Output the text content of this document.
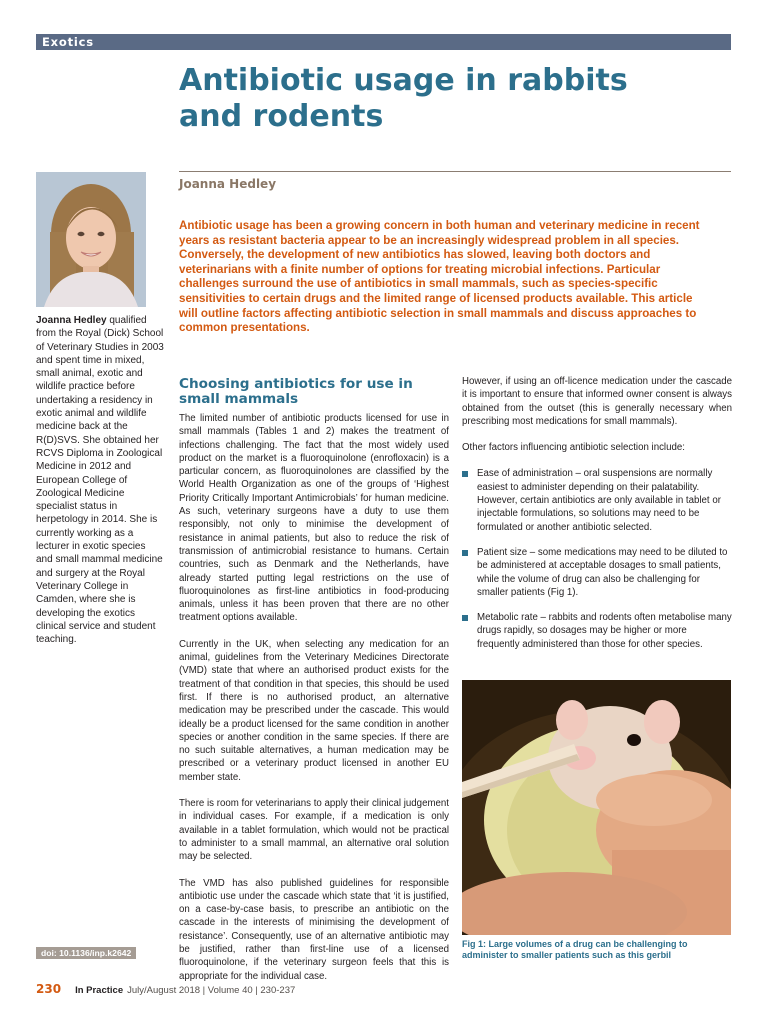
Exotics
Antibiotic usage in rabbits and rodents
Joanna Hedley
Joanna Hedley qualified from the Royal (Dick) School of Veterinary Studies in 2003 and spent time in mixed, small animal, exotic and wildlife practice before undertaking a residency in exotic animal and wildlife medicine back at the R(D)SVS. She obtained her RCVS Diploma in Zoological Medicine in 2012 and European College of Zoological Medicine specialist status in herpetology in 2014. She is currently working as a lecturer in exotic species and small mammal medicine and surgery at the Royal Veterinary College in Camden, where she is developing the exotics clinical service and student teaching.

Antibiotic usage has been a growing concern in both human and veterinary medicine in recent years as resistant bacteria appear to be an increasingly widespread problem in all species. Conversely, the development of new antibiotics has slowed, leaving both doctors and veterinarians with a finite number of options for treating microbial infections. Particular challenges surround the use of antibiotics in small mammals, such as species-specific sensitivities to certain drugs and the limited range of licensed products available. This article will outline factors affecting antibiotic selection in small mammals and discuss approaches to common presentations.

Choosing antibiotics for use in small mammals

The limited number of antibiotic products licensed for use in small mammals (Tables 1 and 2) makes the treatment of infections challenging. The fact that the most widely used product on the market is a fluoroquinolone (enrofloxacin) is a particular concern, as fluoroquinolones are classified by the World Health Organization as one of the groups of ‘Highest Priority Critically Important Antimicrobials’ for human medicine. As such, veterinary surgeons have a duty to use them responsibly, not only to minimise the development of resistance in animal patients, but also to reduce the risk of transmission of antimicrobial resistance to humans. Certain countries, such as Denmark and the Netherlands, have already started putting legal restrictions on the use of fluoroquinolones as first-line antibiotics in food-producing animals, unless it has been proven that there are no other treatment options available.

Currently in the UK, when selecting any medication for an animal, guidelines from the Veterinary Medicines Directorate (VMD) state that where an authorised product exists for the treatment of that condition in that species, this should be used first. If there is no authorised product, an alternative medication may be prescribed under the cascade. This would ideally be a product licensed for the same condition in another species or another condition in the same species. If there are no such suitable alternatives, a human medication may be prescribed or a veterinary product licensed in another EU member state.

There is room for veterinarians to apply their clinical judgement in individual cases. For example, if a medication is only available in a tablet formulation, which would not be practical to administer to a small mammal, an alternative oral solution may be selected.

The VMD has also published guidelines for responsible antibiotic use under the cascade which state that ‘it is justified, on a case-by-case basis, to prescribe an antibiotic on the cascade in the interests of minimising the development of resistance’. Consequently, use of an alternative antibiotic may be justified, rather than first-line use of a licensed fluoroquinolone, if the veterinary surgeon feels that this is appropriate for the individual case.

However, if using an off-licence medication under the cascade it is important to ensure that informed owner consent is always obtained from the outset (this is generally necessary when prescribing most medications for small mammals).

Other factors influencing antibiotic selection include:

Ease of administration – oral suspensions are normally easiest to administer depending on their palatability. However, certain antibiotics are only available in tablet or injectable formulations, so solutions may need to be formulated or another antibiotic selected.
Patient size – some medications may need to be diluted to be administered at acceptable dosages to small patients, while the volume of drug can also be challenging for smaller patients (Fig 1).
Metabolic rate – rabbits and rodents often metabolise many drugs rapidly, so dosages may be higher or more frequently administered than those for other species.

Fig 1: Large volumes of a drug can be challenging to administer to smaller patients such as this gerbil

doi: 10.1136/inp.k2642
230 In Practice July/August 2018 | Volume 40 | 230-237
